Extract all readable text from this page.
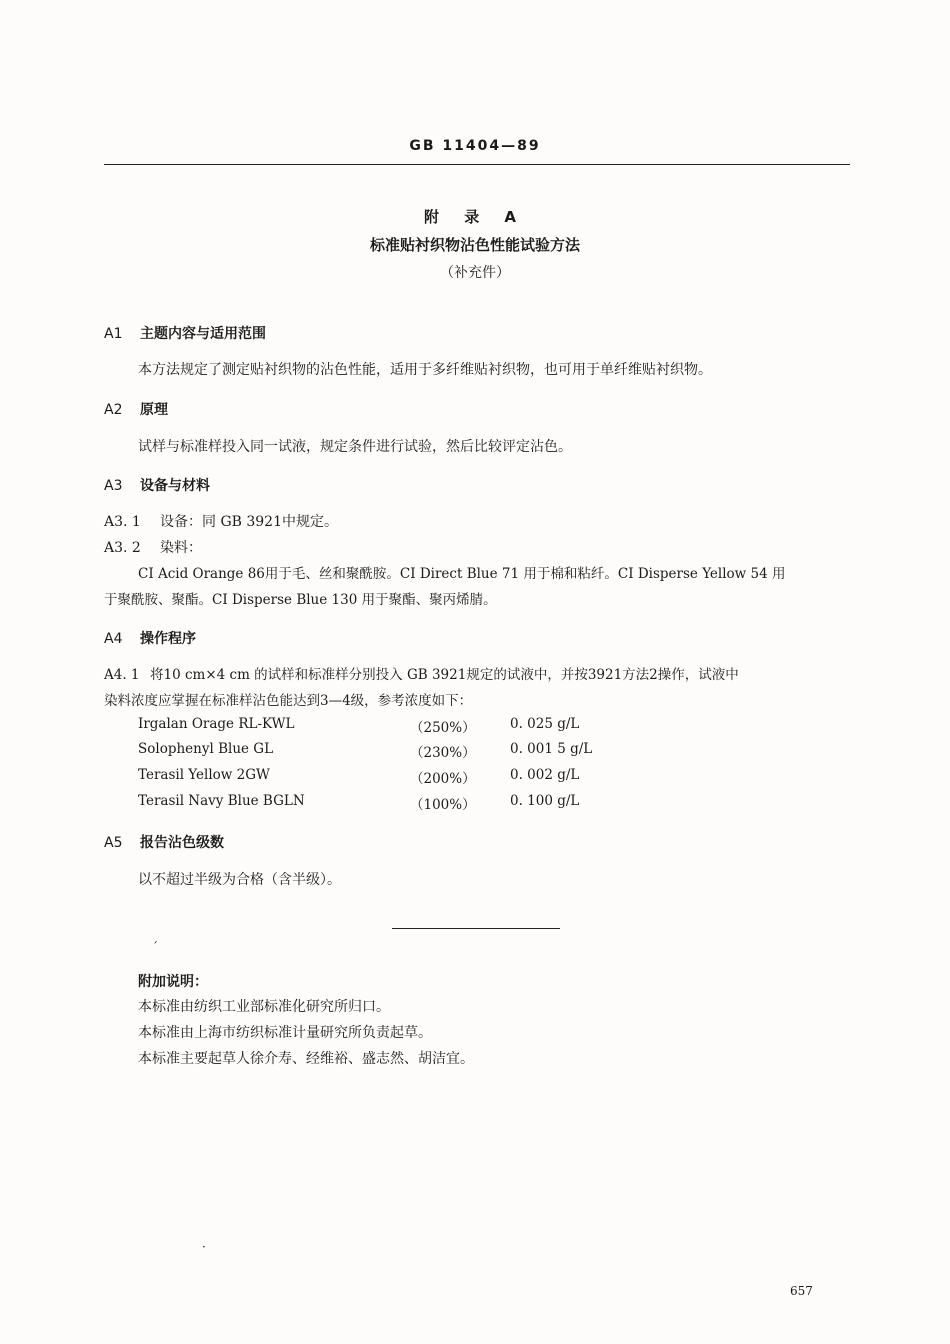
GB 11404—89
附 录 A
标准贴衬织物沾色性能试验方法
（补充件）
A1 主题内容与适用范围
本方法规定了测定贴衬织物的沾色性能，适用于多纤维贴衬织物，也可用于单纤维贴衬织物。
A2 原理
试样与标准样投入同一试液，规定条件进行试验，然后比较评定沾色。
A3 设备与材料
A3. 1 设备：同 GB 3921中规定。
A3. 2 染料：
CI Acid Orange 86用于毛、丝和聚酰胺。CI Direct Blue 71 用于棉和粘纤。CI Disperse Yellow 54 用
于聚酰胺、聚酯。CI Disperse Blue 130 用于聚酯、聚丙烯腈。
A4 操作程序
A4. 1 将10 cm×4 cm 的试样和标准样分别投入 GB 3921规定的试液中，并按3921方法2操作，试液中
染料浓度应掌握在标准样沾色能达到3—4级，参考浓度如下：
Irgalan Orage RL-KWL	（250%）	0. 025 g/L
Solophenyl Blue GL	（230%）	0. 001 5 g/L
Terasil Yellow 2GW	（200%）	0. 002 g/L
Terasil Navy Blue BGLN	（100%）	0. 100 g/L
A5 报告沾色级数
以不超过半级为合格（含半级）。
ˊ
附加说明：
本标准由纺织工业部标准化研究所归口。
本标准由上海市纺织标准计量研究所负责起草。
本标准主要起草人徐介寿、经维裕、盛志然、胡洁宜。
·
657
